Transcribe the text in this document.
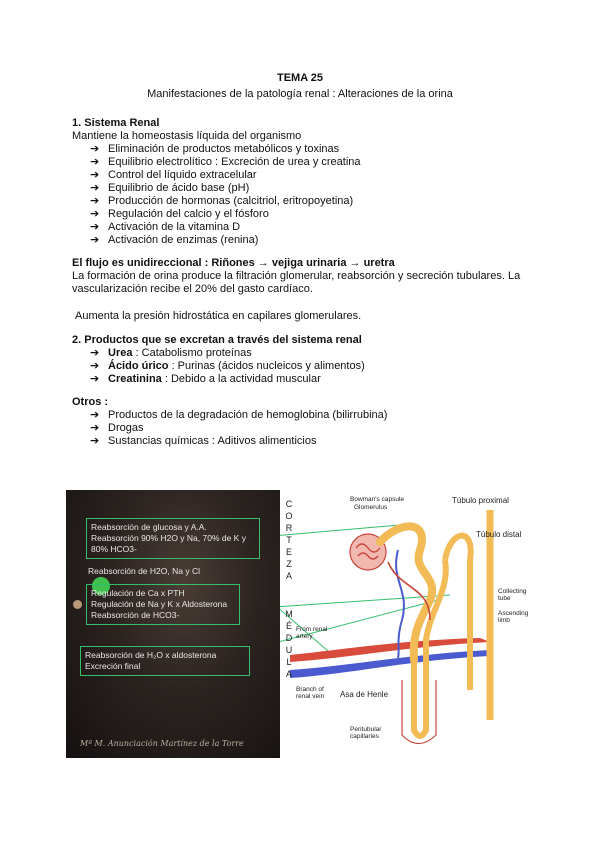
TEMA 25
Manifestaciones de la patología renal : Alteraciones de la orina
1. Sistema Renal
Mantiene la homeostasis líquida del organismo
➔ Eliminación de productos metabólicos y toxinas
➔ Equilibrio electrolítico : Excreción de urea y creatina
➔ Control del líquido extracelular
➔ Equilibrio de ácido base (pH)
➔ Producción de hormonas (calcitriol, eritropoyetina)
➔ Regulación del calcio y el fósforo
➔ Activación de la vitamina D
➔ Activación de enzimas (renina)
El flujo es unidireccional : Riñones → vejiga urinaria → uretra
La formación de orina produce la filtración glomerular, reabsorción y secreción tubulares. La vascularización recibe el 20% del gasto cardíaco.
Aumenta la presión hidrostática en capilares glomerulares.
2. Productos que se excretan a través del sistema renal
➔ Urea : Catabolismo proteínas
➔ Ácido úrico : Purinas (ácidos nucleicos y alimentos)
➔ Creatinina : Debido a la actividad muscular
Otros :
➔ Productos de la degradación de hemoglobina (bilirrubina)
➔ Drogas
➔ Sustancias químicas : Aditivos alimenticios
Reabsorción de glucosa y A.A.
Reabsorción 90% H2O y Na, 70% de K y
80% HCO3-
Reabsorción de H2O, Na y Cl
Regulación de Ca x PTH
Regulación de Na y K x Aldosterona
Reabsorción de HCO3-
Reabsorción de H₂O x aldosterona
Excreción final
Mª M. Anunciación Martínez de la Torre
C
O
R
T
E
Z
A
M
É
D
U
L
A
Bowman's capsule
Glomerulus
Túbulo proximal
Túbulo distal
Collecting tube
Ascending limb
From renal artery
Branch of renal vein	Asa de Henle
Peritubular capillaries
